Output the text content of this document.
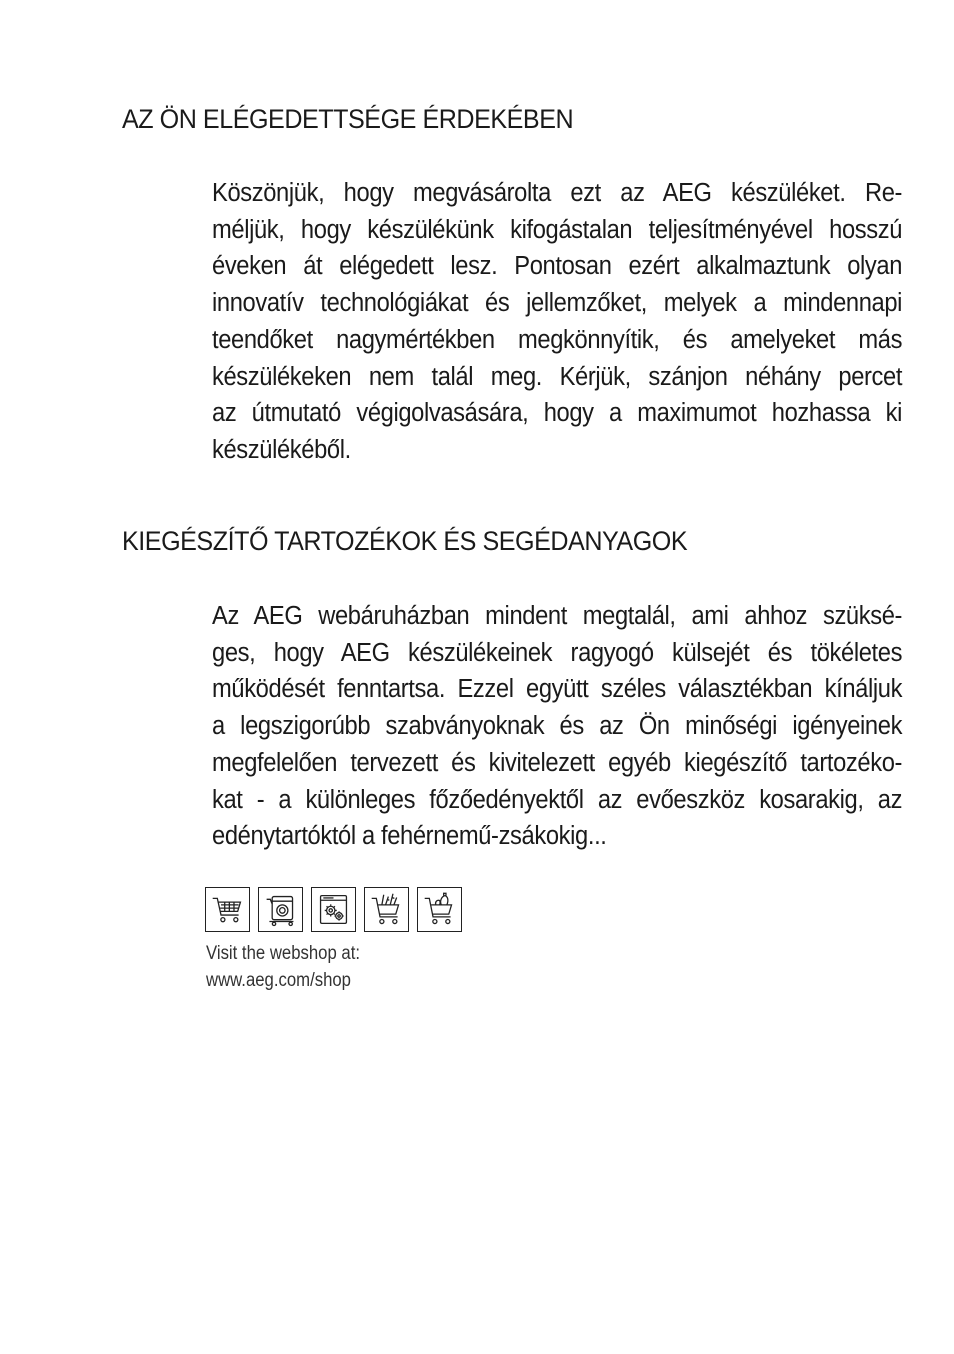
AZ ÖN ELÉGEDETTSÉGE ÉRDEKÉBEN
Köszönjük, hogy megvásárolta ezt az AEG készüléket. Re-
méljük, hogy készülékünk kifogástalan teljesítményével hosszú
éveken át elégedett lesz. Pontosan ezért alkalmaztunk olyan
innovatív technológiákat és jellemzőket, melyek a mindennapi
teendőket nagymértékben megkönnyítik, és amelyeket más
készülékeken nem talál meg. Kérjük, szánjon néhány percet
az útmutató végigolvasására, hogy a maximumot hozhassa ki
készülékéből.
KIEGÉSZÍTŐ TARTOZÉKOK ÉS SEGÉDANYAGOK
Az AEG webáruházban mindent megtalál, ami ahhoz szüksé-
ges, hogy AEG készülékeinek ragyogó külsejét és tökéletes
működését fenntartsa. Ezzel együtt széles választékban kínáljuk
a legszigorúbb szabványoknak és az Ön minőségi igényeinek
megfelelően tervezett és kivitelezett egyéb kiegészítő tartozéko-
kat - a különleges főzőedényektől az evőeszköz kosarakig, az
edénytartóktól a fehérnemű-zsákokig...
Visit the webshop at:
www.aeg.com/shop
